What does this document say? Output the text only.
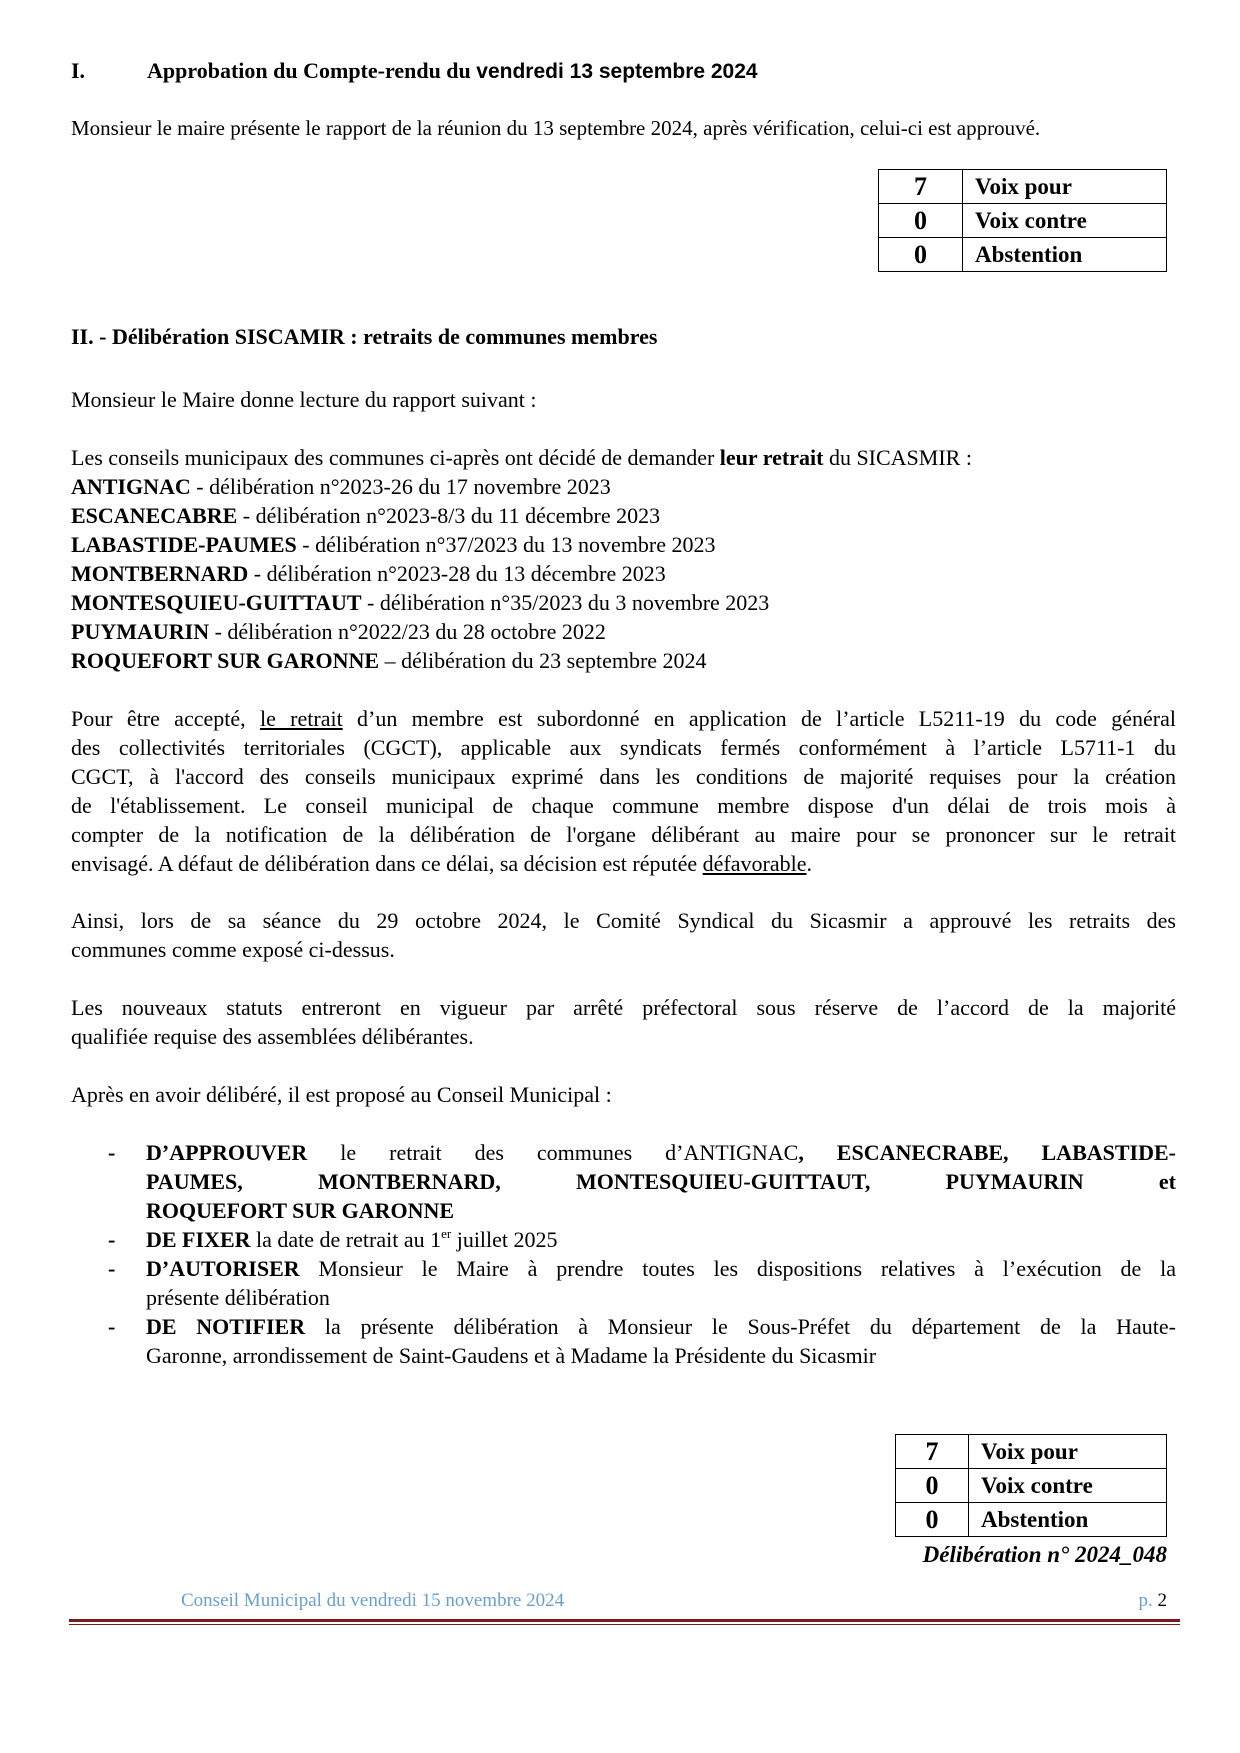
I.	Approbation du Compte-rendu du vendredi 13 septembre 2024
Monsieur le maire présente le rapport de la réunion du 13 septembre 2024, après vérification, celui-ci est approuvé.
7	Voix pour
0	Voix contre
0	Abstention
II. - Délibération SISCAMIR : retraits de communes membres
Monsieur le Maire donne lecture du rapport suivant :
Les conseils municipaux des communes ci-après ont décidé de demander leur retrait du SICASMIR :
ANTIGNAC - délibération n°2023-26 du 17 novembre 2023
ESCANECABRE - délibération n°2023-8/3 du 11 décembre 2023
LABASTIDE-PAUMES - délibération n°37/2023 du 13 novembre 2023
MONTBERNARD - délibération n°2023-28 du 13 décembre 2023
MONTESQUIEU-GUITTAUT - délibération n°35/2023 du 3 novembre 2023
PUYMAURIN - délibération n°2022/23 du 28 octobre 2022
ROQUEFORT SUR GARONNE – délibération du 23 septembre 2024
Pour être accepté, le retrait d’un membre est subordonné en application de l’article L5211-19 du code général
des collectivités territoriales (CGCT), applicable aux syndicats fermés conformément à l’article L5711-1 du
CGCT, à l'accord des conseils municipaux exprimé dans les conditions de majorité requises pour la création
de l'établissement. Le conseil municipal de chaque commune membre dispose d'un délai de trois mois à
compter de la notification de la délibération de l'organe délibérant au maire pour se prononcer sur le retrait
envisagé. A défaut de délibération dans ce délai, sa décision est réputée défavorable.
Ainsi, lors de sa séance du 29 octobre 2024, le Comité Syndical du Sicasmir a approuvé les retraits des
communes comme exposé ci-dessus.
Les nouveaux statuts entreront en vigueur par arrêté préfectoral sous réserve de l’accord de la majorité
qualifiée requise des assemblées délibérantes.
Après en avoir délibéré, il est proposé au Conseil Municipal :
- D’APPROUVER le retrait des communes d’ANTIGNAC, ESCANECRABE, LABASTIDE-
PAUMES, MONTBERNARD, MONTESQUIEU-GUITTAUT, PUYMAURIN et
ROQUEFORT SUR GARONNE
- DE FIXER la date de retrait au 1er juillet 2025
- D’AUTORISER Monsieur le Maire à prendre toutes les dispositions relatives à l’exécution de la
présente délibération
- DE NOTIFIER la présente délibération à Monsieur le Sous-Préfet du département de la Haute-
Garonne, arrondissement de Saint-Gaudens et à Madame la Présidente du Sicasmir
7	Voix pour
0	Voix contre
0	Abstention
Délibération n° 2024_048
Conseil Municipal du vendredi 15 novembre 2024	p. 2
